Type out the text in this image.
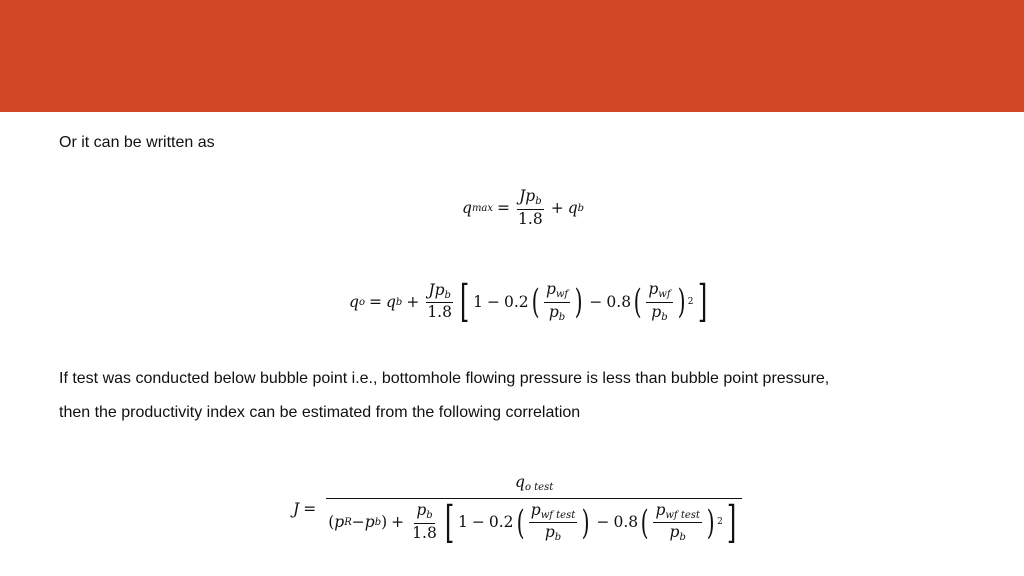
Or it can be written as
q $\max = \frac{Jp_b}{1.8} + q$ b
q o = q $b + \frac{Jp_b}{1.8}$ [ 1 − 0.2 ( $\frac{p_{wf}}{p_b}$ ) − 0.8 ( $\frac{p_{wf}}{p_b}$ ) 2 ]
If test was conducted below bubble point i.e., bottomhole flowing pressure is less than bubble point pressure,
then the productivity index can be estimated from the following correlation
J =
$q_{o test}$
( p R − p b ) + $\frac{p_b}{1.8}$ [ 1 − 0.2 ( $\frac{p_{wf test}}{p_b}$ ) − 0.8 ( $\frac{p_{wf test}}{p_b}$ ) 2 ]
